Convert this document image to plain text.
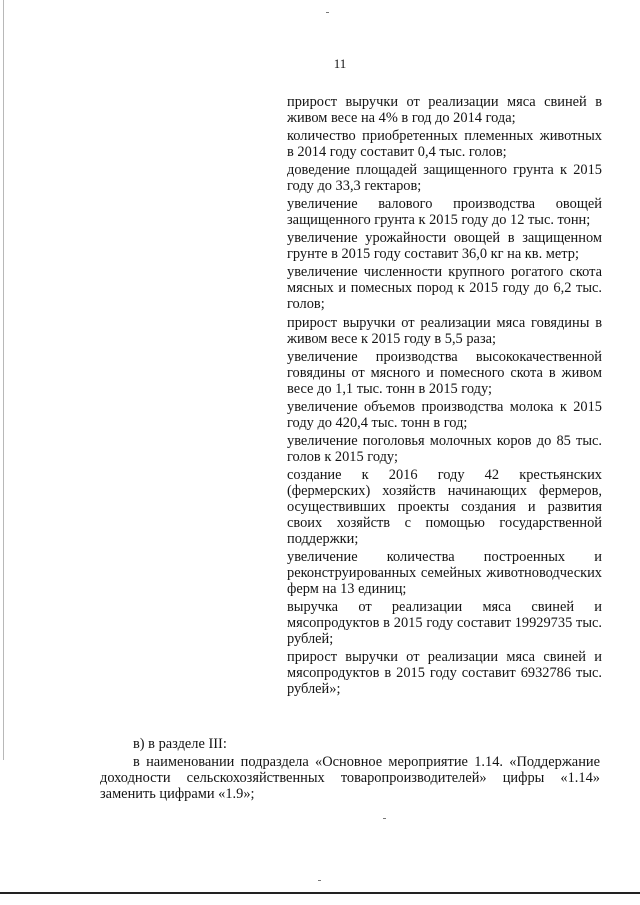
11

прирост выручки от реализации мяса свиней в живом весе на 4% в год до 2014 года;

количество приобретенных племенных животных в 2014 году составит 0,4 тыс. голов;

доведение площадей защищенного грунта к 2015 году до 33,3 гектаров;

увеличение валового производства овощей защищенного грунта к 2015 году до 12 тыс. тонн;

увеличение урожайности овощей в защищенном грунте в 2015 году составит 36,0 кг на кв. метр;

увеличение численности крупного рогатого скота мясных и помесных пород к 2015 году до 6,2 тыс. голов;

прирост выручки от реализации мяса говядины в живом весе к 2015 году в 5,5 раза;

увеличение производства высококачественной говядины от мясного и помесного скота в живом весе до 1,1 тыс. тонн в 2015 году;

увеличение объемов производства молока к 2015 году до 420,4 тыс. тонн в год;

увеличение поголовья молочных коров до 85 тыс. голов к 2015 году;

создание к 2016 году 42 крестьянских (фермерских) хозяйств начинающих фермеров, осуществивших проекты создания и развития своих хозяйств с помощью государственной поддержки;

увеличение количества построенных и реконструированных семейных животноводческих ферм на 13 единиц;

выручка от реализации мяса свиней и мясопродуктов в 2015 году составит 19929735 тыс. рублей;

прирост выручки от реализации мяса свиней и мясопродуктов в 2015 году составит 6932786 тыс. рублей»;

в) в разделе III:

в наименовании подраздела «Основное мероприятие 1.14. «Поддержание доходности сельскохозяйственных товаропроизводителей» цифры «1.14» заменить цифрами «1.9»;
